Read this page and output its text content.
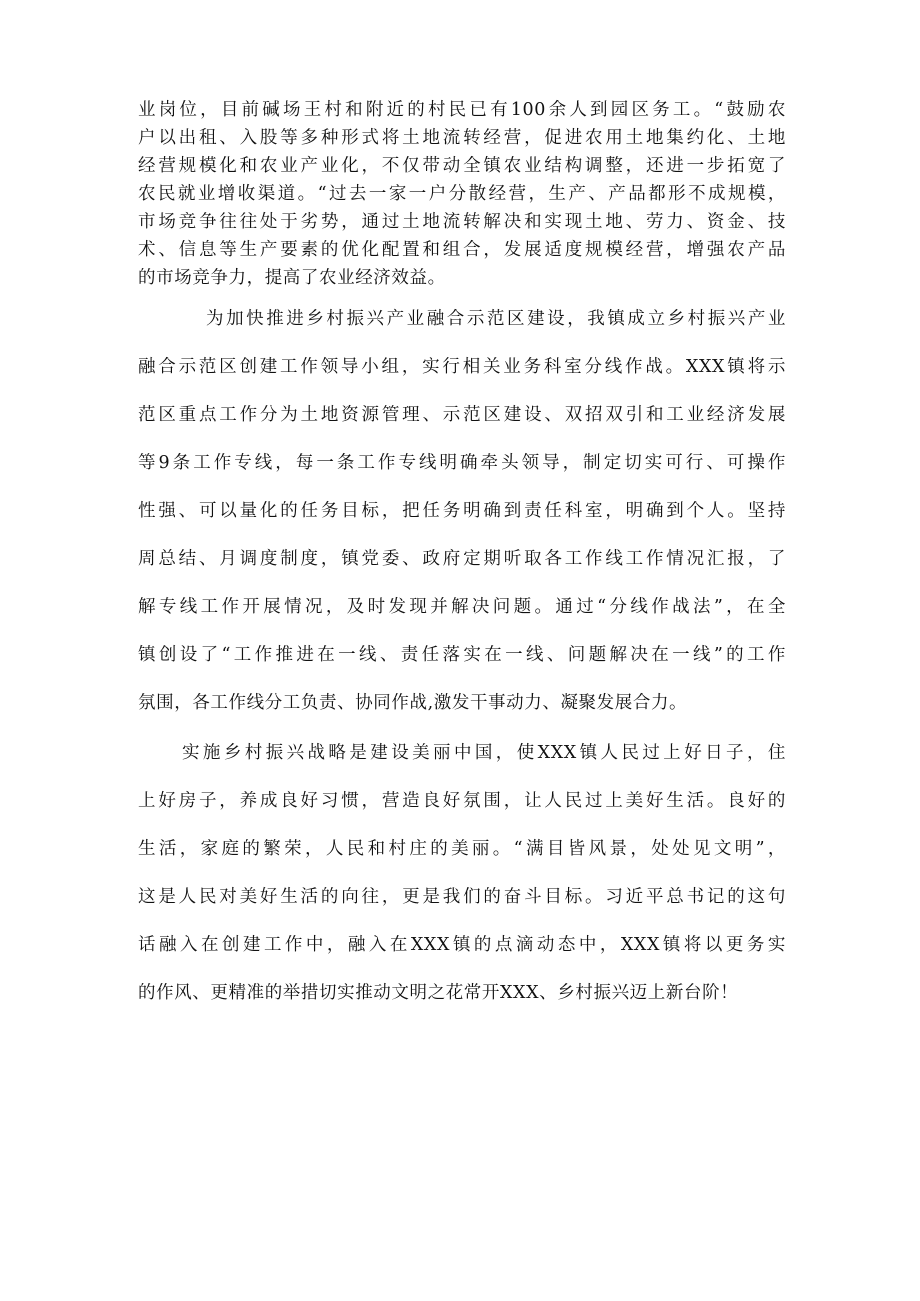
业岗位，目前碱场王村和附近的村民已有100余人到园区务工。“鼓励农
户以出租、入股等多种形式将土地流转经营，促进农用土地集约化、土地
经营规模化和农业产业化，不仅带动全镇农业结构调整，还进一步拓宽了
农民就业增收渠道。“过去一家一户分散经营，生产、产品都形不成规模，
市场竞争往往处于劣势，通过土地流转解决和实现土地、劳力、资金、技
术、信息等生产要素的优化配置和组合，发展适度规模经营，增强农产品
的市场竞争力，提高了农业经济效益。
为加快推进乡村振兴产业融合示范区建设，我镇成立乡村振兴产业
融合示范区创建工作领导小组，实行相关业务科室分线作战。XXX镇将示
范区重点工作分为土地资源管理、示范区建设、双招双引和工业经济发展
等9条工作专线，每一条工作专线明确牵头领导，制定切实可行、可操作
性强、可以量化的任务目标，把任务明确到责任科室，明确到个人。坚持
周总结、月调度制度，镇党委、政府定期听取各工作线工作情况汇报，了
解专线工作开展情况，及时发现并解决问题。通过“分线作战法”，在全
镇创设了“工作推进在一线、责任落实在一线、问题解决在一线”的工作
氛围，各工作线分工负责、协同作战,激发干事动力、凝聚发展合力。
实施乡村振兴战略是建设美丽中国，使XXX镇人民过上好日子，住
上好房子，养成良好习惯，营造良好氛围，让人民过上美好生活。良好的
生活，家庭的繁荣，人民和村庄的美丽。“满目皆风景，处处见文明”，
这是人民对美好生活的向往，更是我们的奋斗目标。习近平总书记的这句
话融入在创建工作中，融入在XXX镇的点滴动态中，XXX镇将以更务实
的作风、更精准的举措切实推动文明之花常开XXX、乡村振兴迈上新台阶！
